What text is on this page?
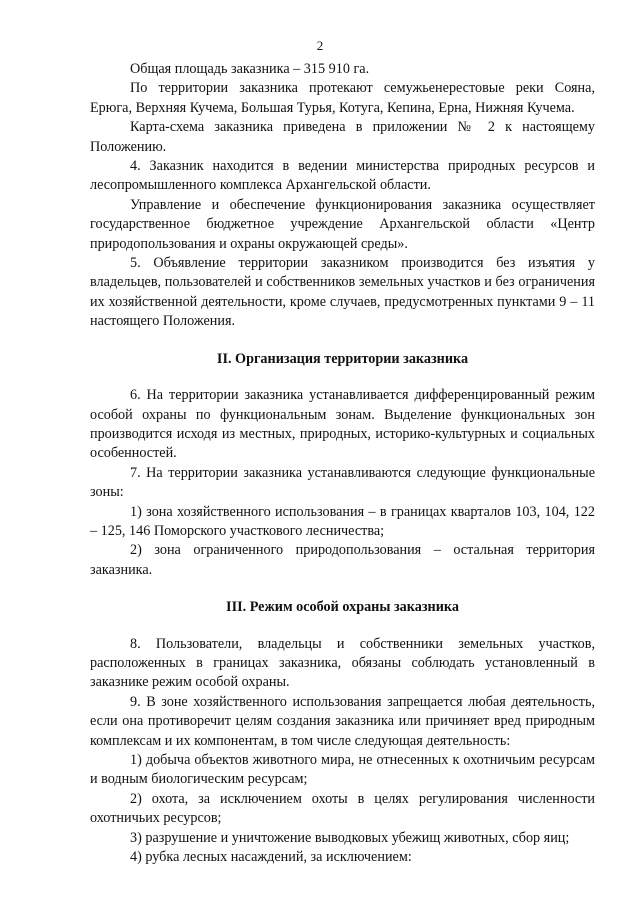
2

Общая площадь заказника – 315 910 га.

По территории заказника протекают семужьенерестовые реки Сояна, Ерюга, Верхняя Кучема, Большая Турья, Котуга, Кепина, Ерна, Нижняя Кучема.

Карта-схема заказника приведена в приложении № 2 к настоящему Положению.

4. Заказник находится в ведении министерства природных ресурсов и лесопромышленного комплекса Архангельской области.

Управление и обеспечение функционирования заказника осуществляет государственное бюджетное учреждение Архангельской области «Центр природопользования и охраны окружающей среды».

5. Объявление территории заказником производится без изъятия у владельцев, пользователей и собственников земельных участков и без ограничения их хозяйственной деятельности, кроме случаев, предусмотренных пунктами 9 – 11 настоящего Положения.

II. Организация территории заказника

6. На территории заказника устанавливается дифференцированный режим особой охраны по функциональным зонам. Выделение функциональных зон производится исходя из местных, природных, историко-культурных и социальных особенностей.

7. На территории заказника устанавливаются следующие функциональные зоны:

1) зона хозяйственного использования – в границах кварталов 103, 104, 122 – 125, 146 Поморского участкового лесничества;

2) зона ограниченного природопользования – остальная территория заказника.

III. Режим особой охраны заказника

8. Пользователи, владельцы и собственники земельных участков, расположенных в границах заказника, обязаны соблюдать установленный в заказнике режим особой охраны.

9. В зоне хозяйственного использования запрещается любая деятельность, если она противоречит целям создания заказника или причиняет вред природным комплексам и их компонентам, в том числе следующая деятельность:

1) добыча объектов животного мира, не отнесенных к охотничьим ресурсам и водным биологическим ресурсам;

2) охота, за исключением охоты в целях регулирования численности охотничьих ресурсов;

3) разрушение и уничтожение выводковых убежищ животных, сбор яиц;

4) рубка лесных насаждений, за исключением:
